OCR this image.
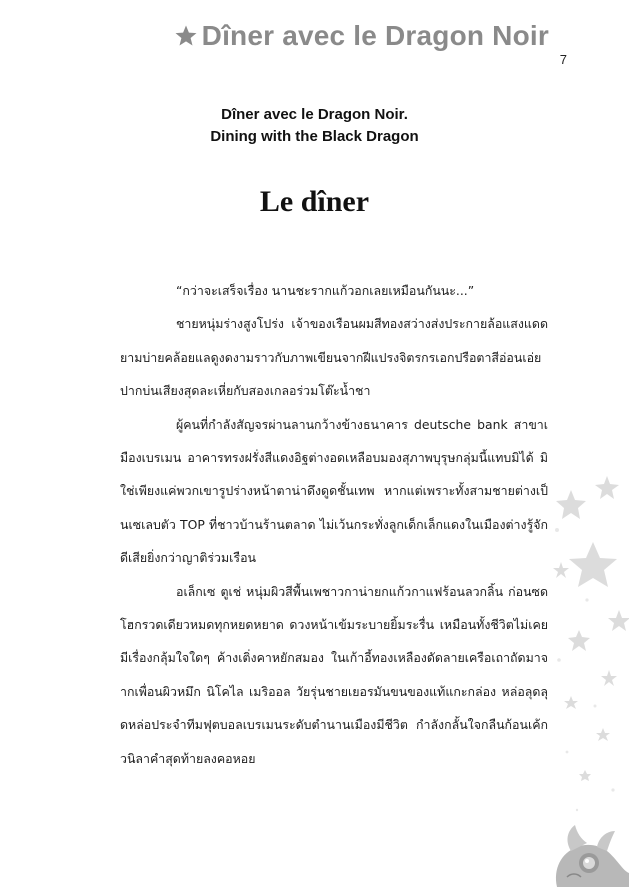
Dîner avec le Dragon Noir
7
Dîner avec le Dragon Noir.
Dining with the Black Dragon
Le dîner

“กว่าจะเสร็จเรื่อง นานชะรากแก้วอกเลยเหมือนกันนะ...”

ชายหนุ่มร่างสูงโปร่ง เจ้าของเรือนผมสีทองสว่างส่งประกายล้อแสงแดดยามบ่ายคล้อยแลดูงดงามราวกับภาพเขียนจากฝีแปรงจิตรกรเอกปรือตาสีอ่อนเอ่ยปากบ่นเสียงสุดละเหี่ยกับสองเกลอร่วมโต๊ะน้ำชา

ผู้คนที่กำลังสัญจรผ่านลานกว้างข้างธนาคาร deutsche bank สาขาเมืองเบรเมน อาคารทรงฝรั่งสีแดงอิฐต่างอดเหลือบมองสุภาพบุรุษกลุ่มนี้แทบมิได้ มิใช่เพียงแค่พวกเขารูปร่างหน้าตาน่าดึงดูดชั้นเทพ หากแต่เพราะทั้งสามชายต่างเป็นเซเลบตัว TOP ที่ชาวบ้านร้านตลาด ไม่เว้นกระทั่งลูกเด็กเล็กแดงในเมืองต่างรู้จักดีเสียยิ่งกว่าญาติร่วมเรือน

อเล็กเซ ตูเช่ หนุ่มผิวสีพื้นเพชาวกาน่ายกแก้วกาแฟร้อนลวกลิ้น ก่อนซดโฮกรวดเดียวหมดทุกหยดหยาด ดวงหน้าเข้มระบายยิ้มระรื่น เหมือนทั้งชีวิตไม่เคยมีเรื่องกลุ้มใจใดๆ ค้างเติ่งคาหยักสมอง ในเก้าอี้ทองเหลืองดัดลายเครือเถาถัดมาจากเพื่อนผิวหมึก นิโคไล เมริออล วัยรุ่นชายเยอรมันขนของแท้แกะกล่อง หล่อลุดลุดหล่อประจำทีมฟุตบอลเบรเมนระดับตำนานเมืองมีชีวิต กำลังกลั้นใจกลืนก้อนเค้กวนิลาคำสุดท้ายลงคอหอย
